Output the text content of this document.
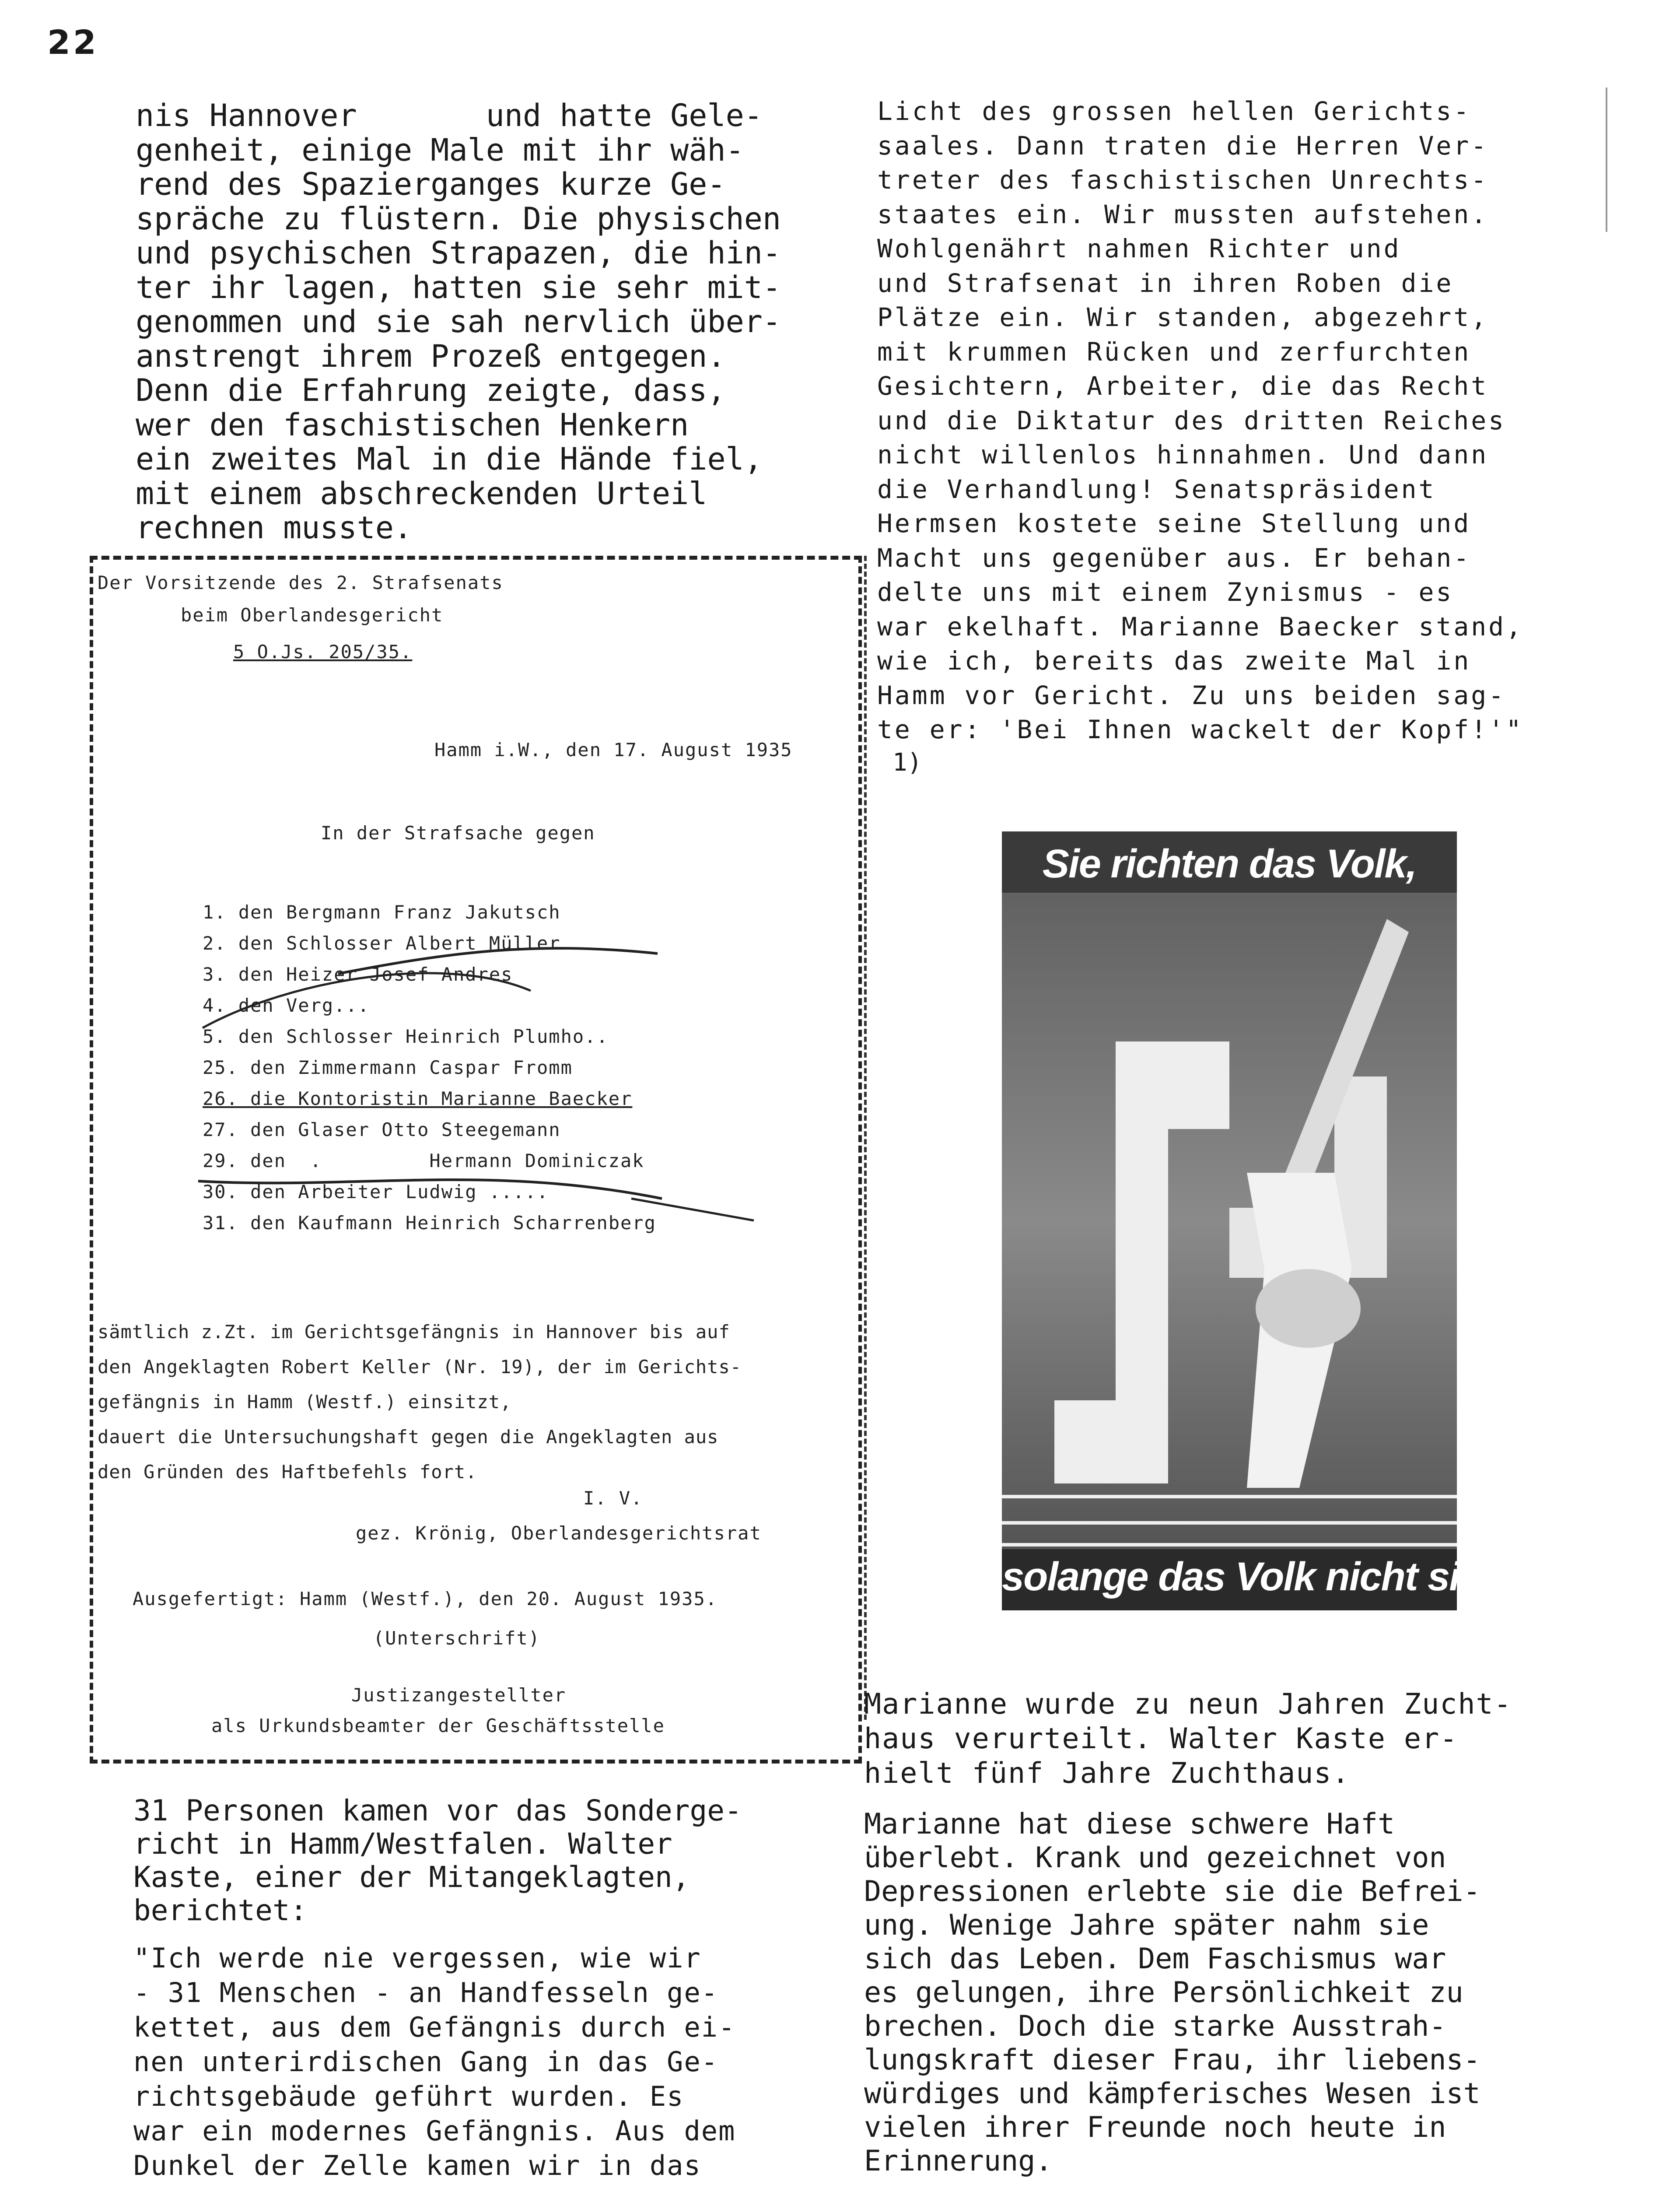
22

nis Hannover       und hatte Gele-
genheit, einige Male mit ihr wäh-
rend des Spazierganges kurze Ge-
spräche zu flüstern. Die physischen
und psychischen Strapazen, die hin-
ter ihr lagen, hatten sie sehr mit-
genommen und sie sah nervlich über-
anstrengt ihrem Prozeß entgegen.
Denn die Erfahrung zeigte, dass,
wer den faschistischen Henkern
ein zweites Mal in die Hände fiel,
mit einem abschreckenden Urteil
rechnen musste.

Licht des grossen hellen Gerichts-
saales. Dann traten die Herren Ver-
treter des faschistischen Unrechts-
staates ein. Wir mussten aufstehen.
Wohlgenährt nahmen Richter und
und Strafsenat in ihren Roben die
Plätze ein. Wir standen, abgezehrt,
mit krummen Rücken und zerfurchten
Gesichtern, Arbeiter, die das Recht
und die Diktatur des dritten Reiches
nicht willenlos hinnahmen. Und dann
die Verhandlung! Senatspräsident
Hermsen kostete seine Stellung und
Macht uns gegenüber aus. Er behan-
delte uns mit einem Zynismus - es
war ekelhaft. Marianne Baecker stand,
wie ich, bereits das zweite Mal in
Hamm vor Gericht. Zu uns beiden sag-
te er: 'Bei Ihnen wackelt der Kopf!'"

1)

Der Vorsitzende des 2. Strafsenats

beim Oberlandesgericht

5 O.Js. 205/35.

Hamm i.W., den 17. August 1935

In der Strafsache gegen

1. den Bergmann Franz Jakutsch
2. den Schlosser Albert Müller
3. den Heizer Josef Andres
4. den Verg...
5. den Schlosser Heinrich Plumho..
25. den Zimmermann Caspar Fromm
26. die Kontoristin Marianne Baecker
27. den Glaser Otto Steegemann
29. den  .         Hermann Dominiczak
30. den Arbeiter Ludwig .....
31. den Kaufmann Heinrich Scharrenberg

sämtlich z.Zt. im Gerichtsgefängnis in Hannover bis auf
den Angeklagten Robert Keller (Nr. 19), der im Gerichts-
gefängnis in Hamm (Westf.) einsitzt,
dauert die Untersuchungshaft gegen die Angeklagten aus
den Gründen des Haftbefehls fort.

I. V.

gez. Krönig, Oberlandesgerichtsrat

Ausgefertigt: Hamm (Westf.), den 20. August 1935.

(Unterschrift)

Justizangestellter

als Urkundsbeamter der Geschäftsstelle

Sie richten das Volk,

solange das Volk nicht sie ri

31 Personen kamen vor das Sonderge-
richt in Hamm/Westfalen. Walter
Kaste, einer der Mitangeklagten,
berichtet:

"Ich werde nie vergessen, wie wir
- 31 Menschen - an Handfesseln ge-
kettet, aus dem Gefängnis durch ei-
nen unterirdischen Gang in das Ge-
richtsgebäude geführt wurden. Es
war ein modernes Gefängnis. Aus dem
Dunkel der Zelle kamen wir in das

Marianne wurde zu neun Jahren Zucht-
haus verurteilt. Walter Kaste er-
hielt fünf Jahre Zuchthaus.

Marianne hat diese schwere Haft
überlebt. Krank und gezeichnet von
Depressionen erlebte sie die Befrei-
ung. Wenige Jahre später nahm sie
sich das Leben. Dem Faschismus war
es gelungen, ihre Persönlichkeit zu
brechen. Doch die starke Ausstrah-
lungskraft dieser Frau, ihr liebens-
würdiges und kämpferisches Wesen ist
vielen ihrer Freunde noch heute in
Erinnerung.
